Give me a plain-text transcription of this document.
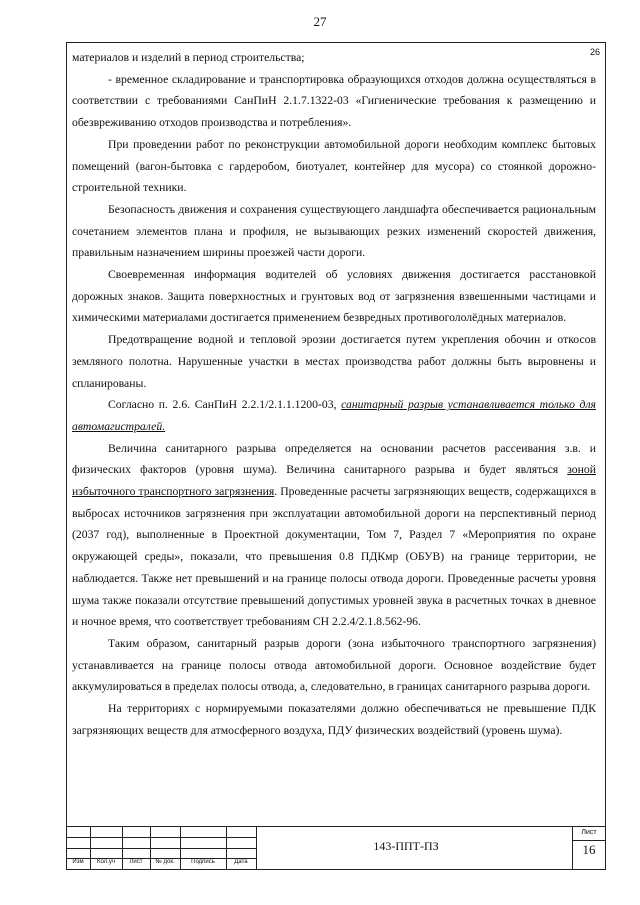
27
26

материалов и изделий в период строительства;

- временное складирование и транспортировка образующихся отходов должна осуществляться в соответствии с требованиями СанПиН 2.1.7.1322-03 «Гигиенические требования к размещению и обезвреживанию отходов производства и потребления».

При проведении работ по реконструкции автомобильной дороги необходим комплекс бытовых помещений (вагон-бытовка с гардеробом, биотуалет, контейнер для мусора) со стоянкой дорожно-строительной техники.

Безопасность движения и сохранения существующего ландшафта обеспечивается рациональным сочетанием элементов плана и профиля, не вызывающих резких изменений скоростей движения, правильным назначением ширины проезжей части дороги.

Своевременная информация водителей об условиях движения достигается расстановкой дорожных знаков. Защита поверхностных и грунтовых вод от загрязнения взвешенными частицами и химическими материалами достигается применением безвредных противогололёдных материалов.

Предотвращение водной и тепловой эрозии достигается путем укрепления обочин и откосов земляного полотна. Нарушенные участки в местах производства работ должны быть выровнены и спланированы.

Согласно п. 2.6. СанПиН 2.2.1/2.1.1.1200-03, санитарный разрыв устанавливается только для автомагистралей.

Величина санитарного разрыва определяется на основании расчетов рассеивания з.в. и физических факторов (уровня шума). Величина санитарного разрыва и будет являться зоной избыточного транспортного загрязнения. Проведенные расчеты загрязняющих веществ, содержащихся в выбросах источников загрязнения при эксплуатации автомобильной дороги на перспективный период (2037 год), выполненные в Проектной документации, Том 7, Раздел 7 «Мероприятия по охране окружающей среды», показали, что превышения 0.8 ПДКмр (ОБУВ) на границе территории, не наблюдается. Также нет превышений и на границе полосы отвода дороги. Проведенные расчеты уровня шума также показали отсутствие превышений допустимых уровней звука в расчетных точках в дневное и ночное время, что соответствует требованиям СН 2.2.4/2.1.8.562-96.

Таким образом, санитарный разрыв дороги (зона избыточного транспортного загрязнения) устанавливается на границе полосы отвода автомобильной дороги. Основное воздействие будет аккумулироваться в пределах полосы отвода, а, следовательно, в границах санитарного разрыва дороги.

На территориях с нормируемыми показателями должно обеспечиваться не превышение ПДК загрязняющих веществ для атмосферного воздуха, ПДУ физических воздействий (уровень шума).

Изм	Кол.уч	Лист	№ док.	Подпись	Дата
143-ППТ-ПЗ
Лист
16
